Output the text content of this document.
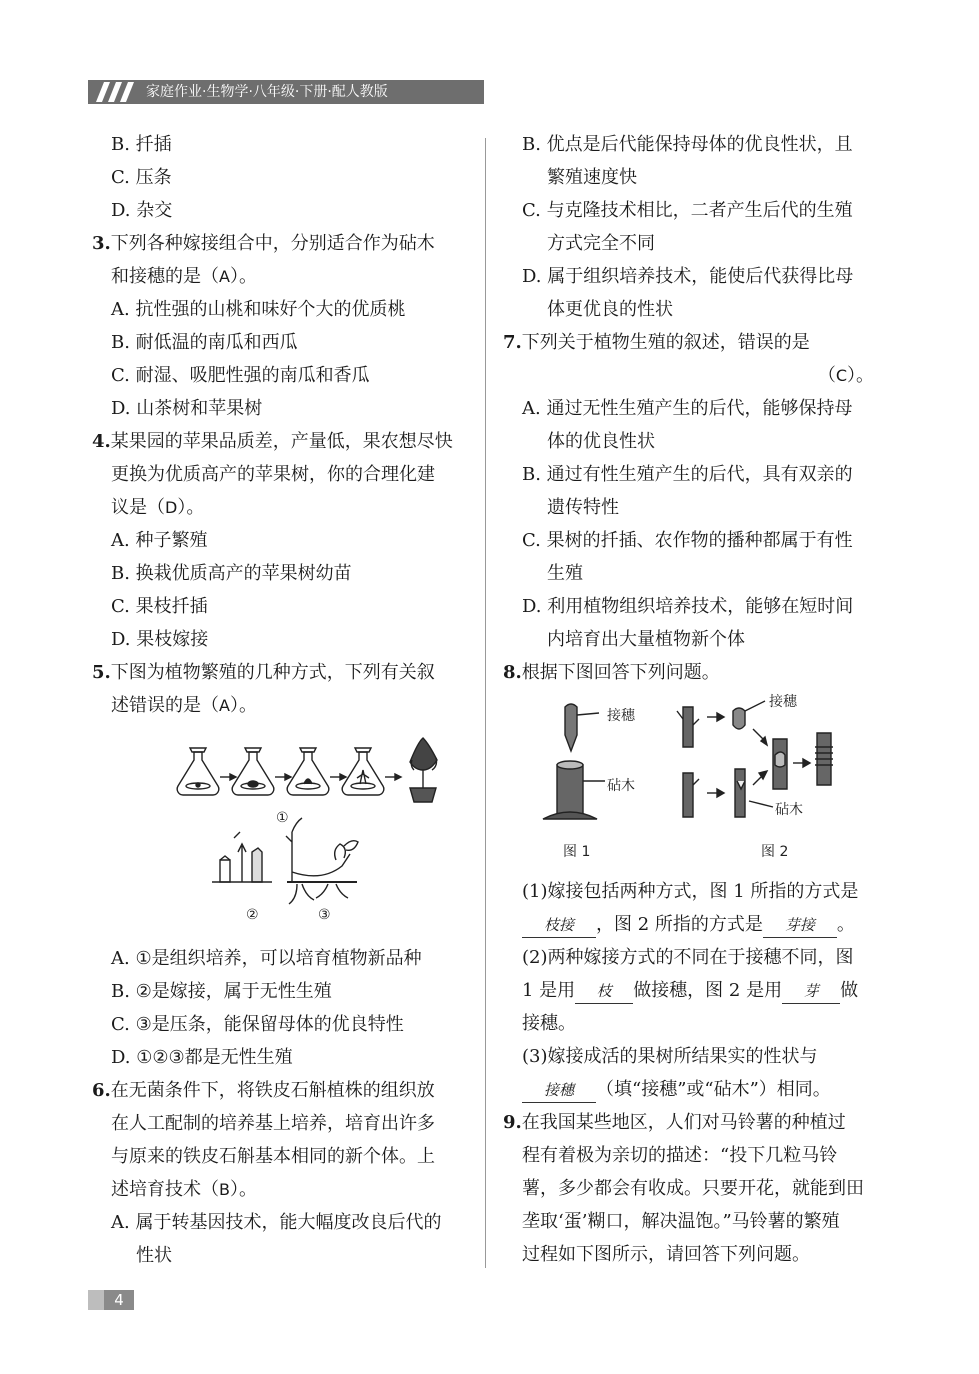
家庭作业·生物学·八年级·下册·配人教版
B. 扦插
C. 压条
D. 杂交
3.下列各种嫁接组合中，分别适合作为砧木
和接穗的是（A）。
A. 抗性强的山桃和味好个大的优质桃
B. 耐低温的南瓜和西瓜
C. 耐湿、吸肥性强的南瓜和香瓜
D. 山茶树和苹果树
4.某果园的苹果品质差，产量低，果农想尽快
更换为优质高产的苹果树，你的合理化建
议是（D）。
A. 种子繁殖
B. 换栽优质高产的苹果树幼苗
C. 果枝扦插
D. 果枝嫁接
5.下图为植物繁殖的几种方式，下列有关叙
述错误的是（A）。
①
②	③
A. ①是组织培养，可以培育植物新品种
B. ②是嫁接，属于无性生殖
C. ③是压条，能保留母体的优良特性
D. ①②③都是无性生殖
6.在无菌条件下，将铁皮石斛植株的组织放
在人工配制的培养基上培养，培育出许多
与原来的铁皮石斛基本相同的新个体。上
述培育技术（B）。
A. 属于转基因技术，能大幅度改良后代的
性状
B. 优点是后代能保持母体的优良性状，且
繁殖速度快
C. 与克隆技术相比，二者产生后代的生殖
方式完全不同
D. 属于组织培养技术，能使后代获得比母
体更优良的性状
7.下列关于植物生殖的叙述，错误的是
（C）。
A. 通过无性生殖产生的后代，能够保持母
体的优良性状
B. 通过有性生殖产生的后代，具有双亲的
遗传特性
C. 果树的扦插、农作物的播种都属于有性
生殖
D. 利用植物组织培养技术，能够在短时间
内培育出大量植物新个体
8.根据下图回答下列问题。
接穗
砧木
图 1
接穗
砧木
图 2
(1)嫁接包括两种方式，图 1 所指的方式是
枝接 ，图 2 所指的方式是 芽接 。
(2)两种嫁接方式的不同在于接穗不同，图
1 是用 枝 做接穗，图 2 是用 芽 做
接穗。
(3)嫁接成活的果树所结果实的性状与
接穗 （填“接穗”或“砧木”）相同。
9.在我国某些地区，人们对马铃薯的种植过
程有着极为亲切的描述：“投下几粒马铃
薯，多少都会有收成。只要开花，就能到田
垄取‘蛋’糊口，解决温饱。”马铃薯的繁殖
过程如下图所示，请回答下列问题。
4
